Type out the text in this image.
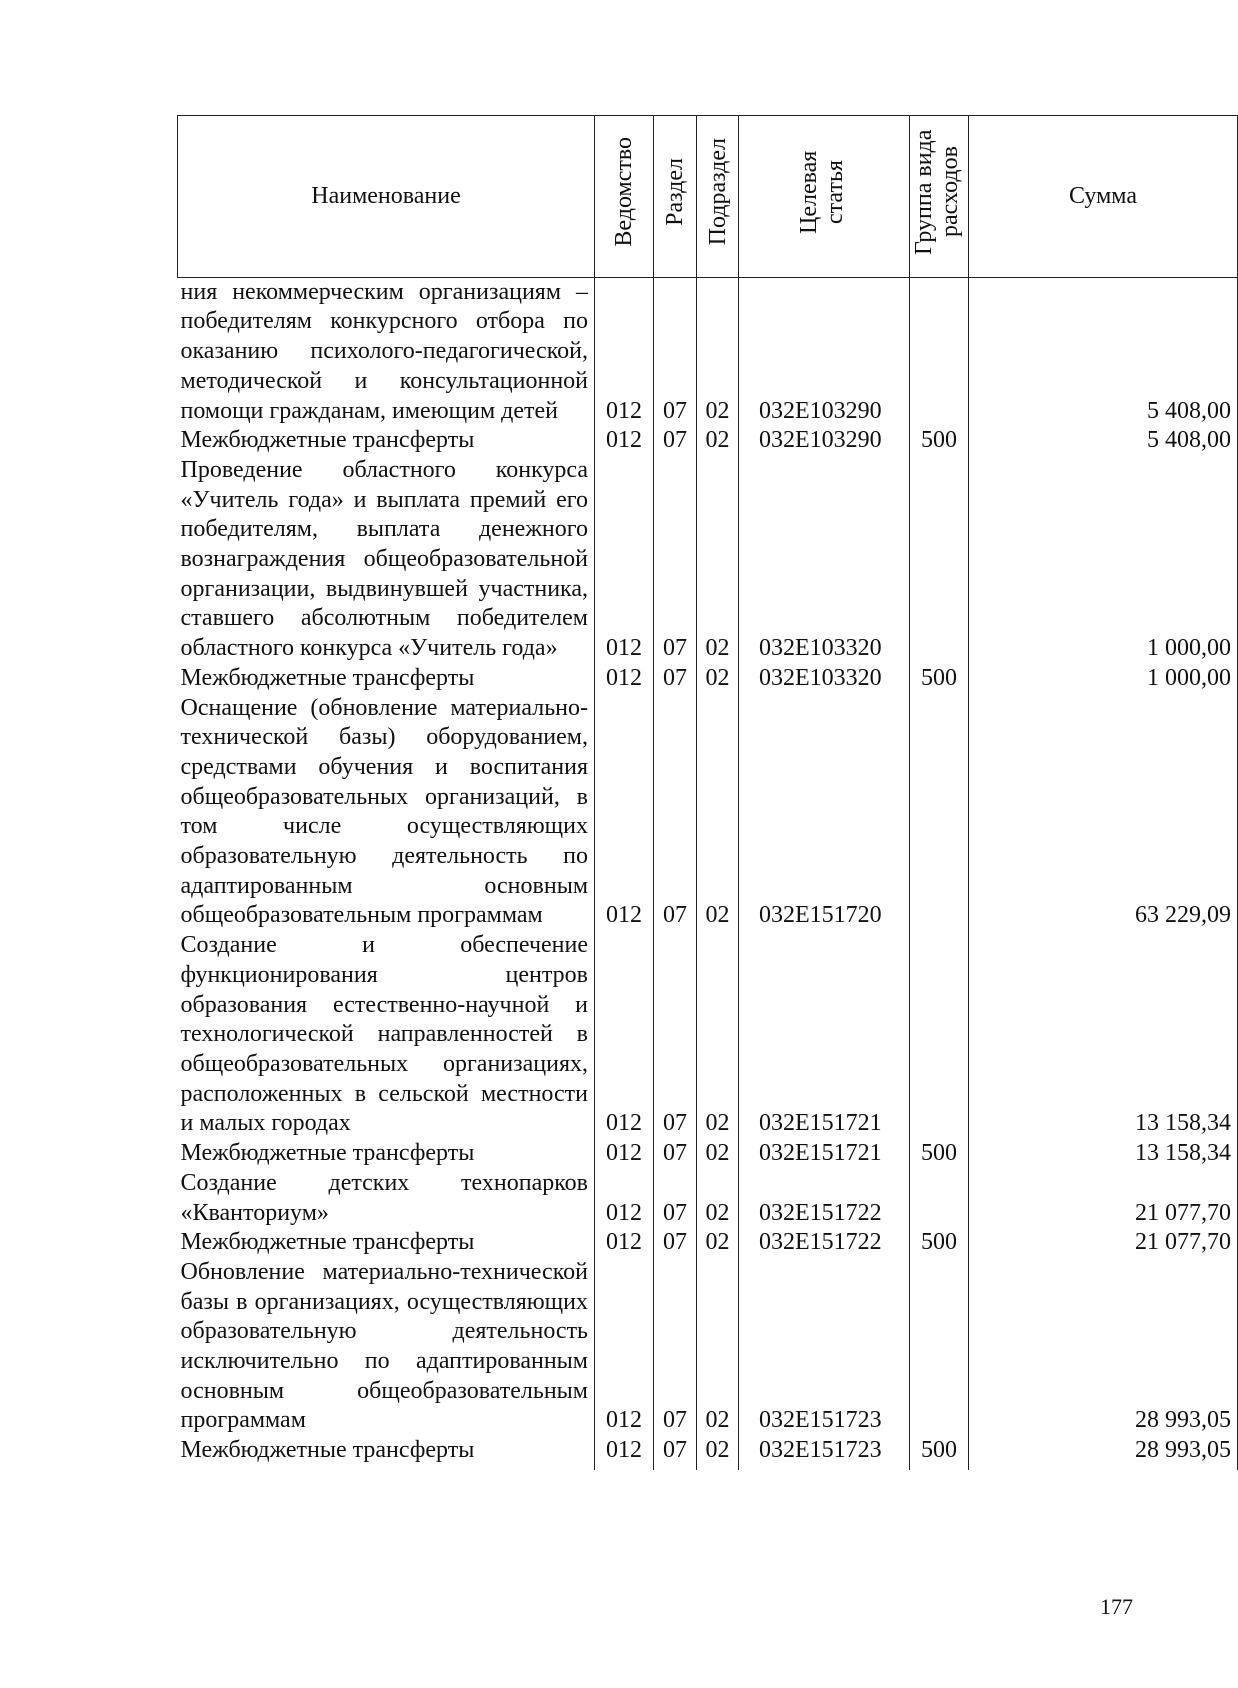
Наименование	Ведомство	Раздел	Подраздел	Целевая статья	Группа вида расходов	Сумма
ния некоммерческим организациям – победителям конкурсного отбора по оказанию психолого-педагогической, методической и консультационной помощи гражданам, имеющим детей	012	07	02	032E103290		5 408,00
Межбюджетные трансферты	012	07	02	032E103290	500	5 408,00
Проведение областного конкурса «Учитель года» и выплата премий его победителям, выплата денежного вознаграждения общеобразовательной организации, выдвинувшей участника, ставшего абсолютным победителем областного конкурса «Учитель года»	012	07	02	032E103320		1 000,00
Межбюджетные трансферты	012	07	02	032E103320	500	1 000,00
Оснащение (обновление материально-технической базы) оборудованием, средствами обучения и воспитания общеобразовательных организаций, в том числе осуществляющих образовательную деятельность по адаптированным основным общеобразовательным программам	012	07	02	032E151720		63 229,09
Создание и обеспечение функционирования центров образования естественно-научной и технологической направленностей в общеобразовательных организациях, расположенных в сельской местности и малых городах	012	07	02	032E151721		13 158,34
Межбюджетные трансферты	012	07	02	032E151721	500	13 158,34
Создание детских технопарков «Кванториум»	012	07	02	032E151722		21 077,70
Межбюджетные трансферты	012	07	02	032E151722	500	21 077,70
Обновление материально-технической базы в организациях, осуществляющих образовательную деятельность исключительно по адаптированным основным общеобразовательным программам	012	07	02	032E151723		28 993,05
Межбюджетные трансферты	012	07	02	032E151723	500	28 993,05
177
